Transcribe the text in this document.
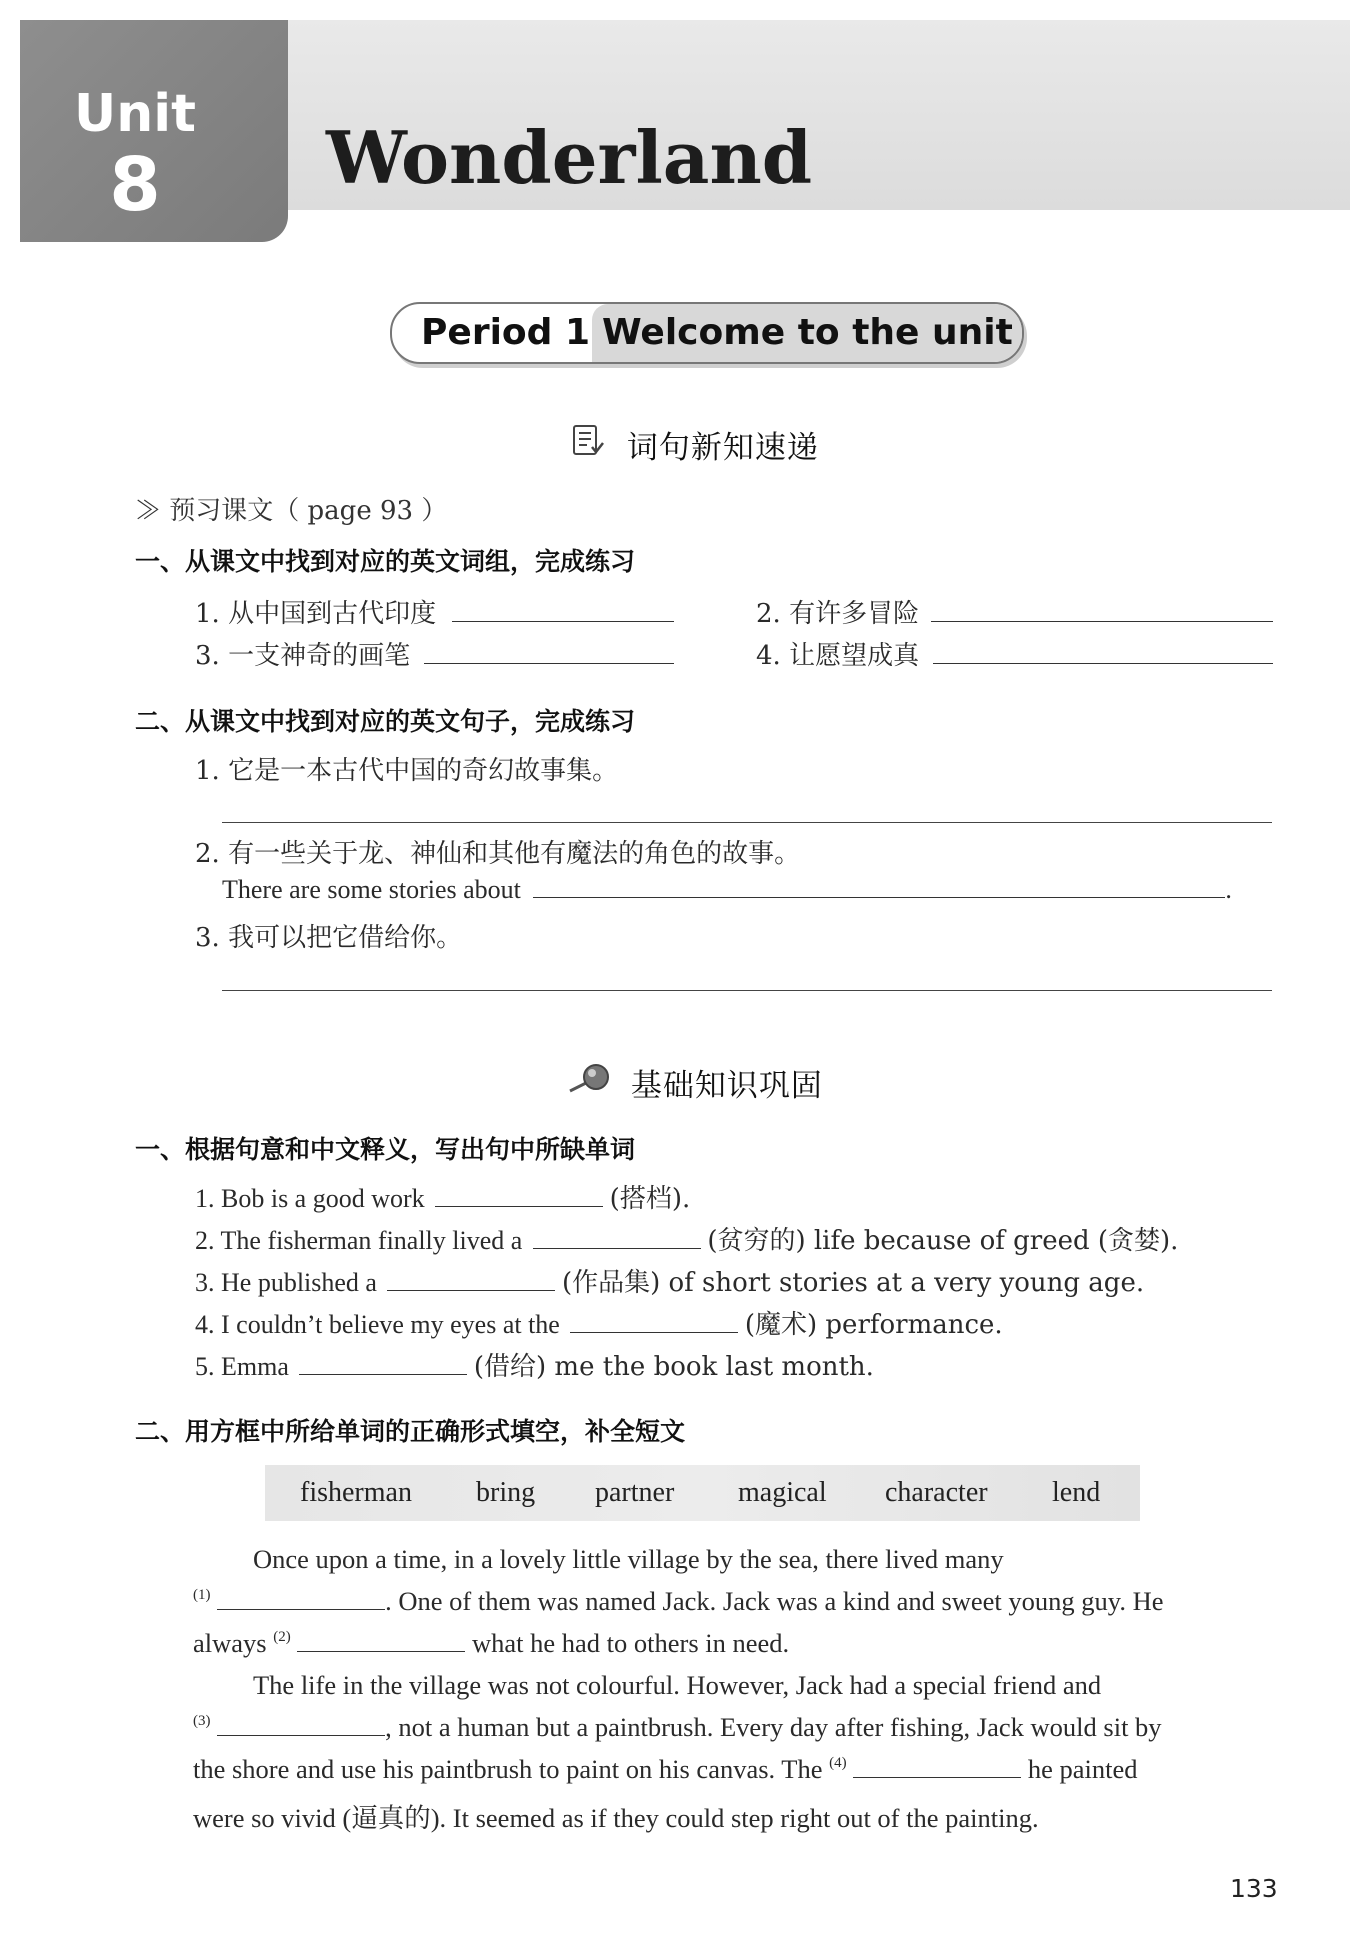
Unit
8	Wonderland
Period 1 Welcome to the unit
词句新知速递
≫ 预习课文（ page 93 ）
一、从课文中找到对应的英文词组，完成练习
1. 从中国到古代印度	2. 有许多冒险
3. 一支神奇的画笔	4. 让愿望成真
二、从课文中找到对应的英文句子，完成练习
1. 它是一本古代中国的奇幻故事集。
2. 有一些关于龙、神仙和其他有魔法的角色的故事。
There are some stories about	.
3. 我可以把它借给你。
基础知识巩固
一、根据句意和中文释义，写出句中所缺单词
1. Bob is a good work	(搭档).
2. The fisherman finally lived a	(贫穷的) life because of greed (贪婪).
3. He published a	(作品集) of short stories at a very young age.
4. I couldn’t believe my eyes at the	(魔术) performance.
5. Emma	(借给) me the book last month.
二、用方框中所给单词的正确形式填空，补全短文
fisherman bring partner magical character lend
Once upon a time, in a lovely little village by the sea, there lived many
$^{(1)}$	. One of them was named Jack. Jack was a kind and sweet young guy. He
always $^{(2)}$	what he had to others in need.
The life in the village was not colourful. However, Jack had a special friend and
$^{(3)}$	, not a human but a paintbrush. Every day after fishing, Jack would sit by
the shore and use his paintbrush to paint on his canvas. The $^{(4)}$	he painted
were so vivid (逼真的). It seemed as if they could step right out of the painting.
133
